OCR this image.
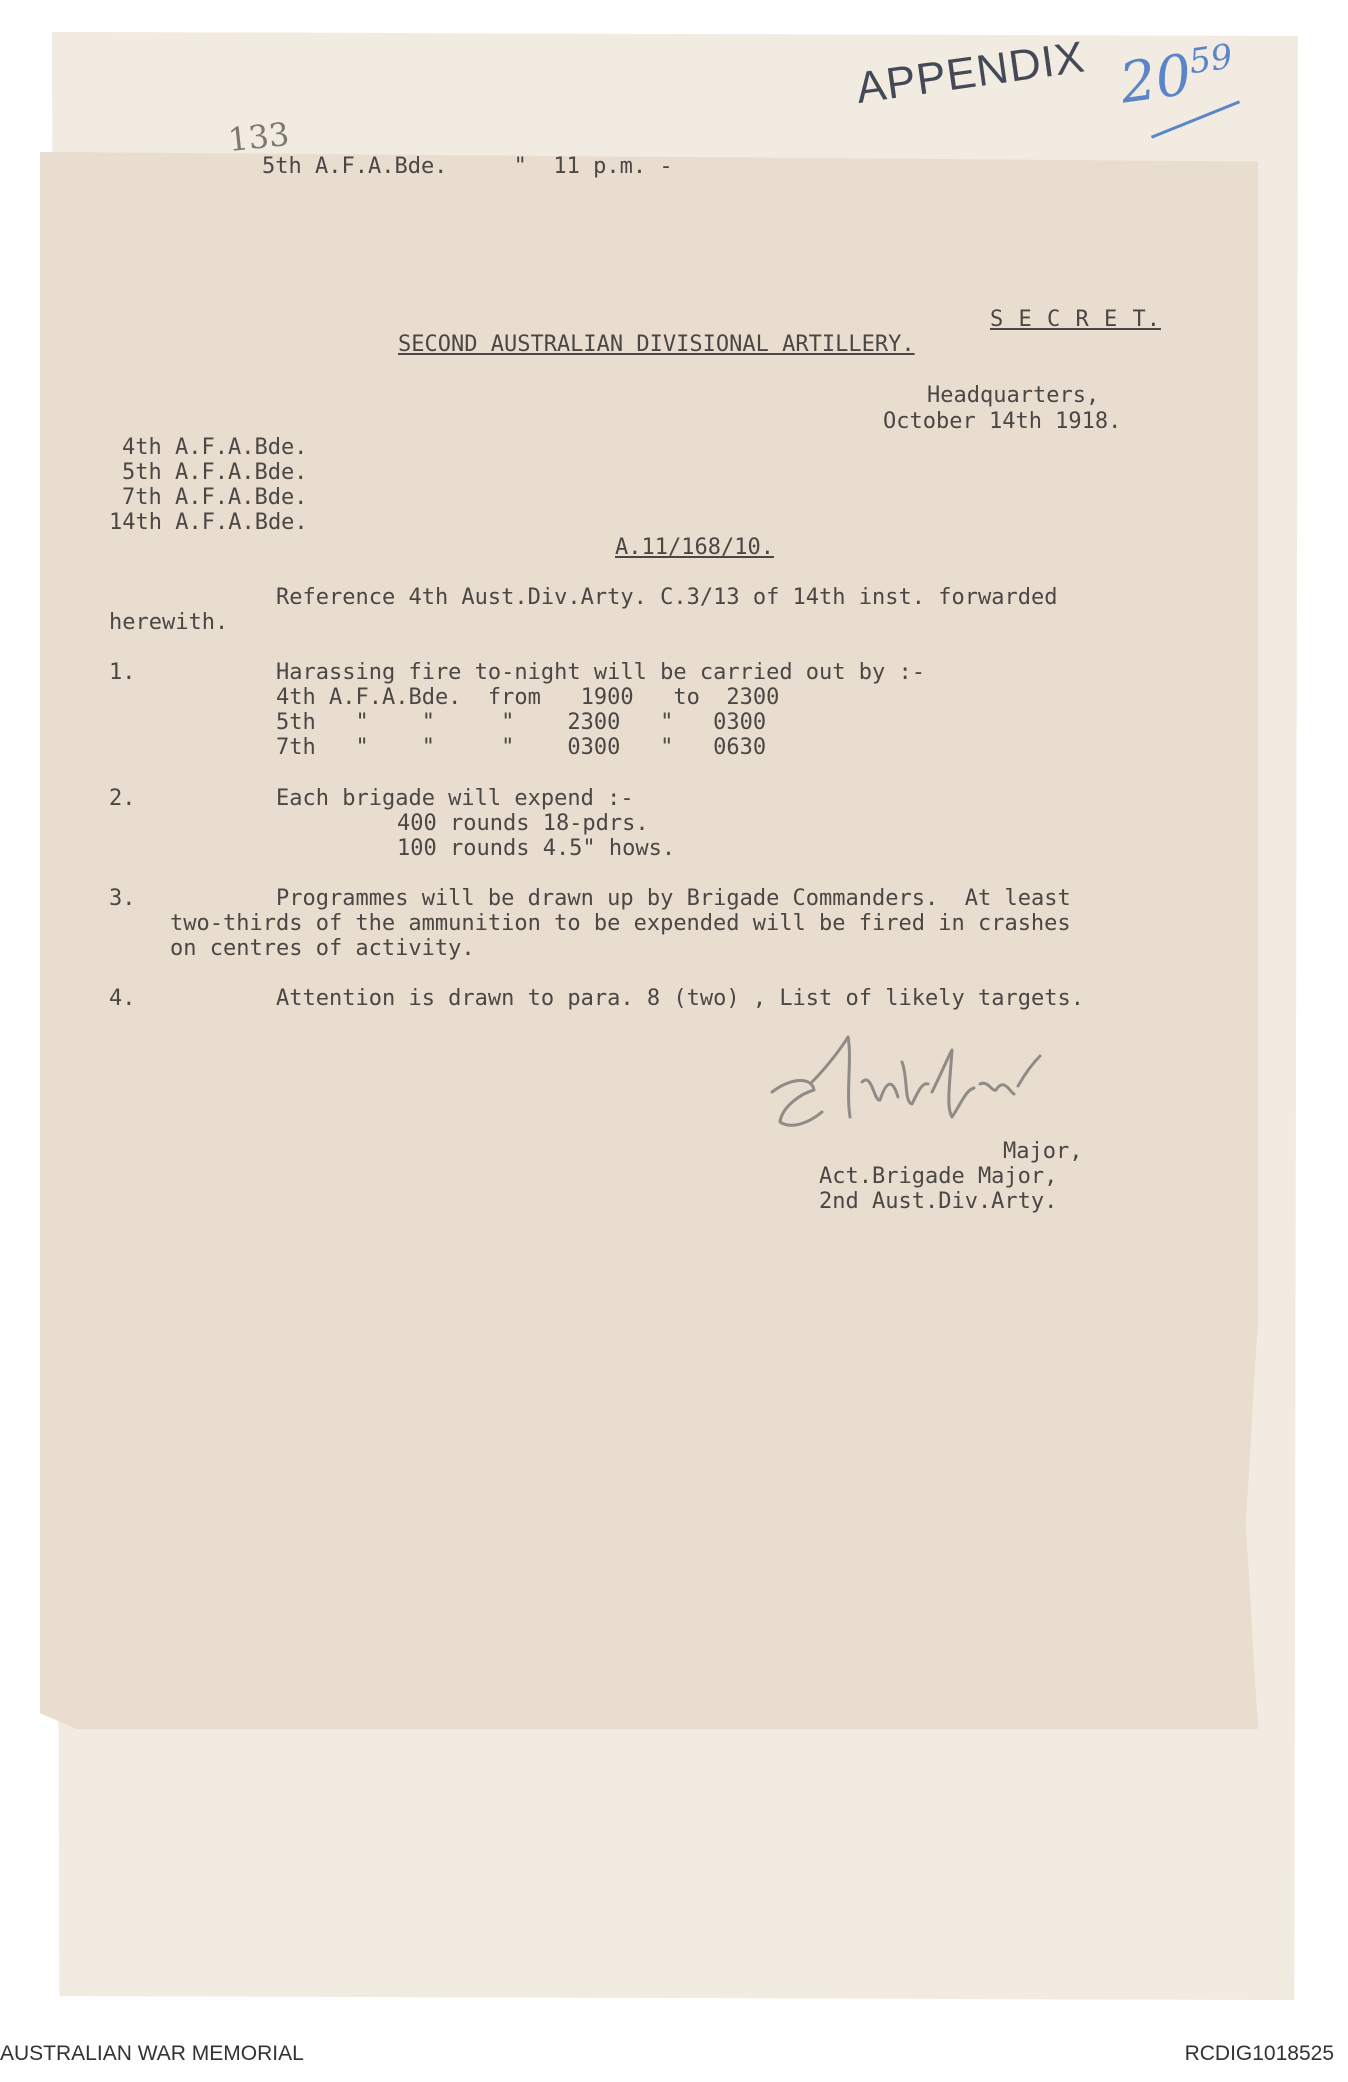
APPENDIX $20^{59}$
133
5th A.F.A.Bde.     "  11 p.m. -
S E C R E T.
SECOND AUSTRALIAN DIVISIONAL ARTILLERY.
Headquarters,
October 14th 1918.
4th A.F.A.Bde.
5th A.F.A.Bde.
7th A.F.A.Bde.
14th A.F.A.Bde.
A.11/168/10.
Reference 4th Aust.Div.Arty. C.3/13 of 14th inst. forwarded
herewith.
1.	Harassing fire to-night will be carried out by :-
4th A.F.A.Bde.  from   1900   to  2300
5th   "    "     "    2300   "   0300
7th   "    "     "    0300   "   0630
2.	Each brigade will expend :-
400 rounds 18-pdrs.
100 rounds 4.5" hows.
3.	Programmes will be drawn up by Brigade Commanders.  At least
two-thirds of the ammunition to be expended will be fired in crashes
on centres of activity.
4.	Attention is drawn to para. 8 (two) , List of likely targets.
Major,
Act.Brigade Major,
2nd Aust.Div.Arty.
AUSTRALIAN WAR MEMORIAL	RCDIG1018525
